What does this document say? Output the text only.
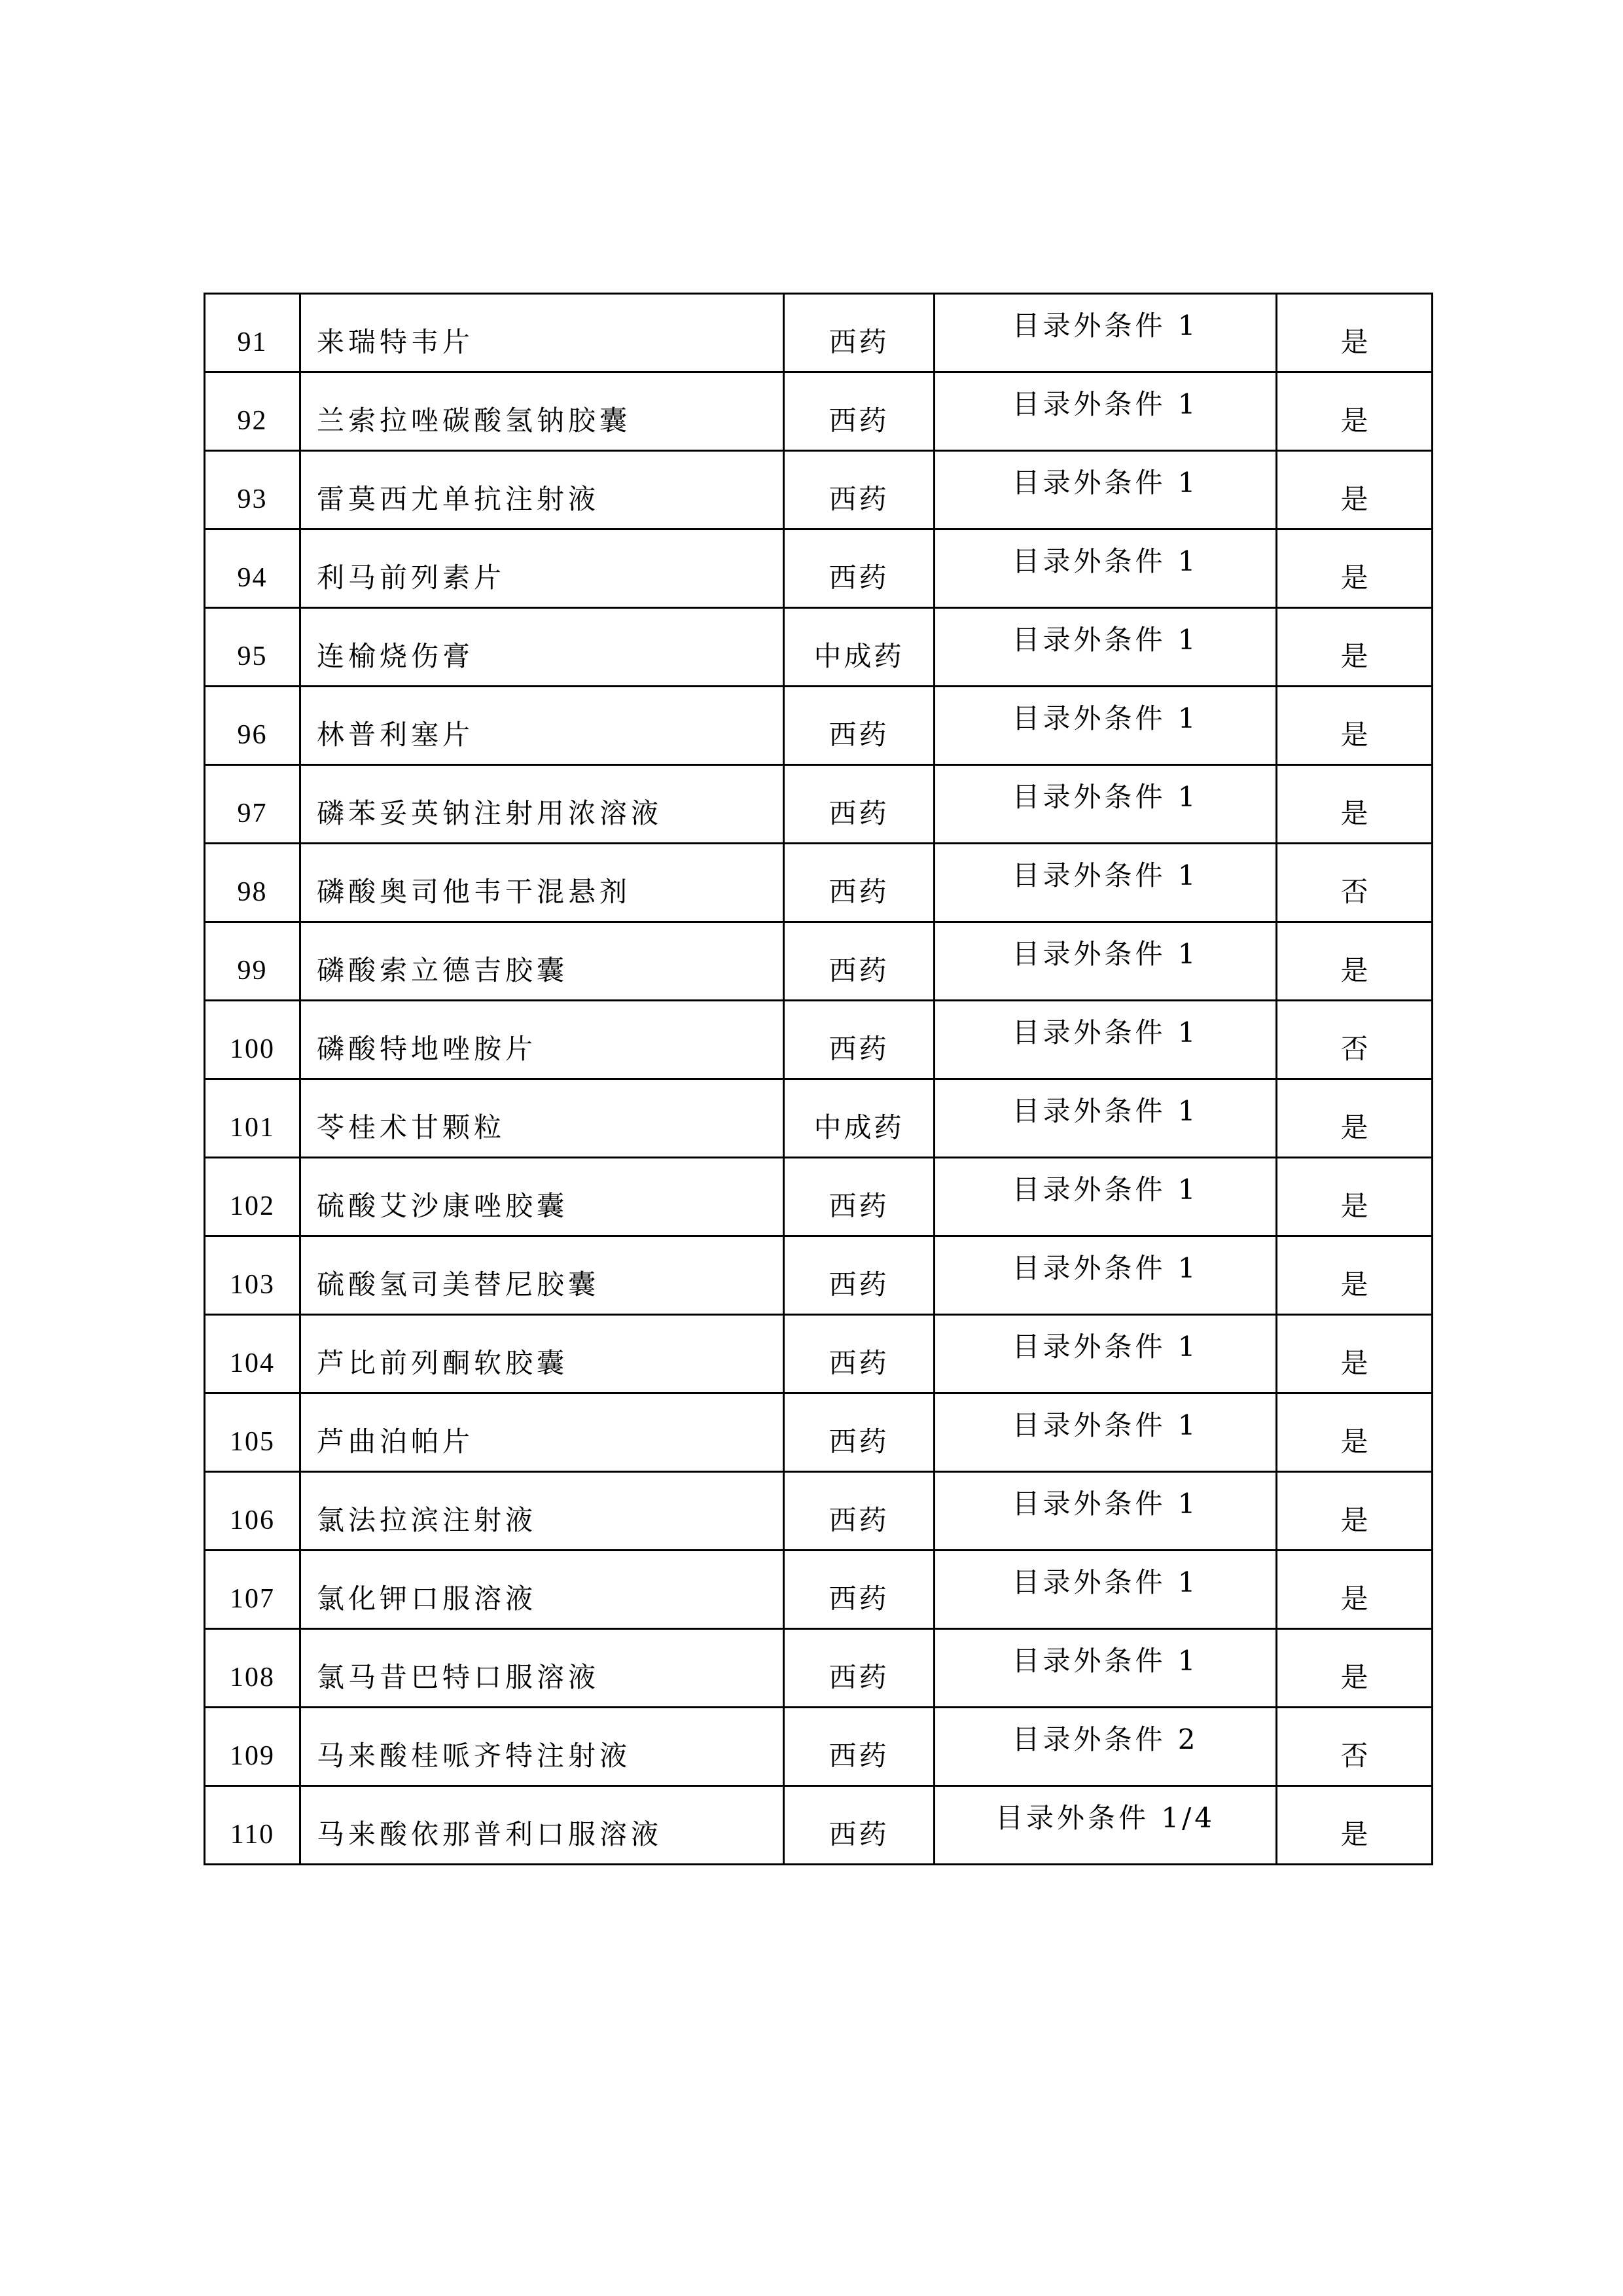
91	来瑞特韦片	西药	目录外条件 1	是
92	兰索拉唑碳酸氢钠胶囊	西药	目录外条件 1	是
93	雷莫西尤单抗注射液	西药	目录外条件 1	是
94	利马前列素片	西药	目录外条件 1	是
95	连榆烧伤膏	中成药	目录外条件 1	是
96	林普利塞片	西药	目录外条件 1	是
97	磷苯妥英钠注射用浓溶液	西药	目录外条件 1	是
98	磷酸奥司他韦干混悬剂	西药	目录外条件 1	否
99	磷酸索立德吉胶囊	西药	目录外条件 1	是
100	磷酸特地唑胺片	西药	目录外条件 1	否
101	苓桂术甘颗粒	中成药	目录外条件 1	是
102	硫酸艾沙康唑胶囊	西药	目录外条件 1	是
103	硫酸氢司美替尼胶囊	西药	目录外条件 1	是
104	芦比前列酮软胶囊	西药	目录外条件 1	是
105	芦曲泊帕片	西药	目录外条件 1	是
106	氯法拉滨注射液	西药	目录外条件 1	是
107	氯化钾口服溶液	西药	目录外条件 1	是
108	氯马昔巴特口服溶液	西药	目录外条件 1	是
109	马来酸桂哌齐特注射液	西药	目录外条件 2	否
110	马来酸依那普利口服溶液	西药	目录外条件 1/4	是
